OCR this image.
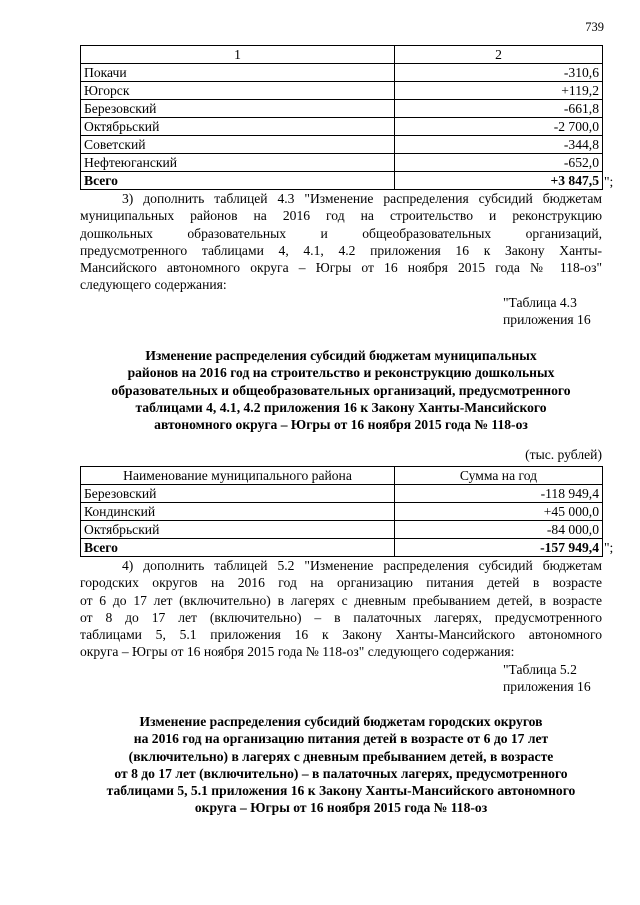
739
1	2
Покачи	-310,6
Югорск	+119,2
Березовский	-661,8
Октябрьский	-2 700,0
Советский	-344,8
Нефтеюганский	-652,0
Всего	+3 847,5 ";
3) дополнить таблицей 4.3 "Изменение распределения субсидий бюджетам
муниципальных районов на 2016 год на строительство и реконструкцию
дошкольных образовательных и общеобразовательных организаций,
предусмотренного таблицами 4, 4.1, 4.2 приложения 16 к Закону Ханты-
Мансийского автономного округа – Югры от 16 ноября 2015 года № 118-оз"
следующего содержания:
"Таблица 4.3
приложения 16
Изменение распределения субсидий бюджетам муниципальных
районов на 2016 год на строительство и реконструкцию дошкольных
образовательных и общеобразовательных организаций, предусмотренного
таблицами 4, 4.1, 4.2 приложения 16 к Закону Ханты-Мансийского
автономного округа – Югры от 16 ноября 2015 года № 118-оз
(тыс. рублей)
Наименование муниципального района	Сумма на год
Березовский	-118 949,4
Кондинский	+45 000,0
Октябрьский	-84 000,0
Всего	-157 949,4 ";
4) дополнить таблицей 5.2 "Изменение распределения субсидий бюджетам
городских округов на 2016 год на организацию питания детей в возрасте
от 6 до 17 лет (включительно) в лагерях с дневным пребыванием детей, в возрасте
от 8 до 17 лет (включительно) – в палаточных лагерях, предусмотренного
таблицами 5, 5.1 приложения 16 к Закону Ханты-Мансийского автономного
округа – Югры от 16 ноября 2015 года № 118-оз" следующего содержания:
"Таблица 5.2
приложения 16
Изменение распределения субсидий бюджетам городских округов
на 2016 год на организацию питания детей в возрасте от 6 до 17 лет
(включительно) в лагерях с дневным пребыванием детей, в возрасте
от 8 до 17 лет (включительно) – в палаточных лагерях, предусмотренного
таблицами 5, 5.1 приложения 16 к Закону Ханты-Мансийского автономного
округа – Югры от 16 ноября 2015 года № 118-оз
